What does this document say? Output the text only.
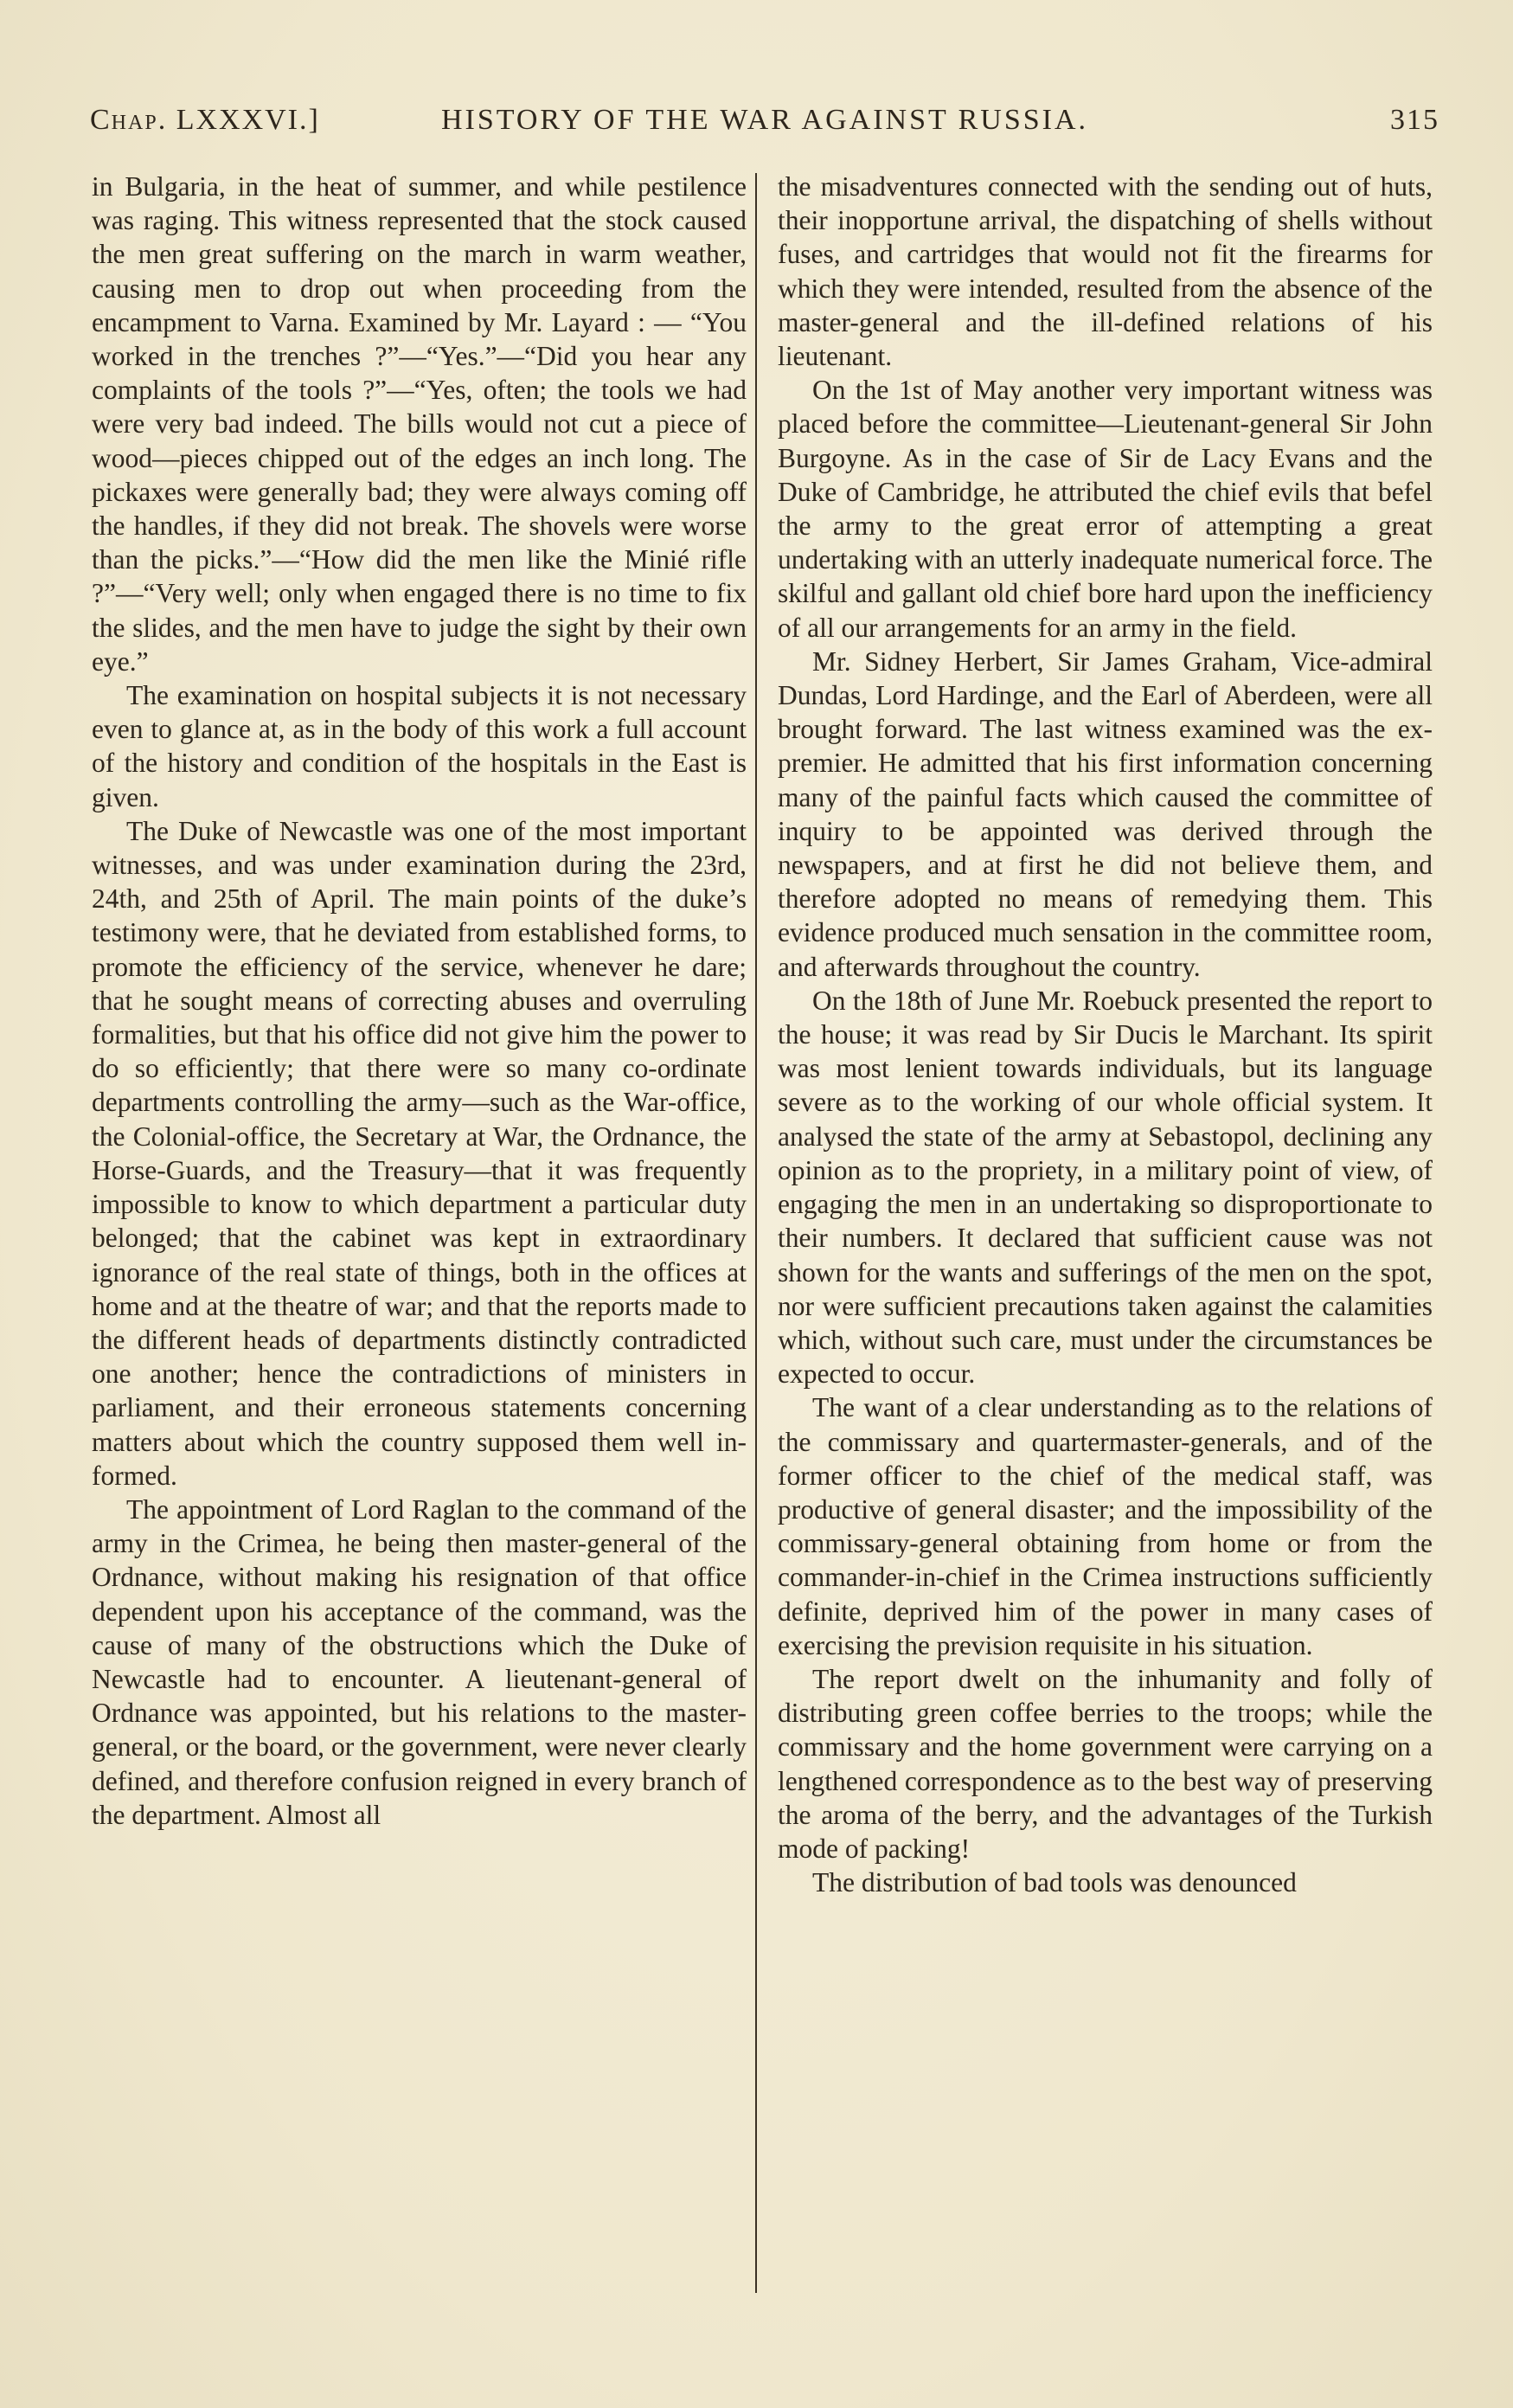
Chap. LXXXVI.]	HISTORY OF THE WAR AGAINST RUSSIA.	315

in Bulgaria, in the heat of summer, and while pestilence was raging. This witness represented that the stock caused the men great suffering on the march in warm weather, causing men to drop out when proceeding from the encampment to Varna. Examined by Mr. Layard : — “You worked in the trenches ?”—“Yes.”—“Did you hear any complaints of the tools ?”—“Yes, often; the tools we had were very bad indeed. The bills would not cut a piece of wood—pieces chipped out of the edges an inch long. The pickaxes were generally bad; they were always coming off the handles, if they did not break. The shovels were worse than the picks.”—“How did the men like the Minié rifle ?”—“Very well; only when engaged there is no time to fix the slides, and the men have to judge the sight by their own eye.”

The examination on hospital subjects it is not necessary even to glance at, as in the body of this work a full account of the history and condition of the hospitals in the East is given.

The Duke of Newcastle was one of the most important witnesses, and was under examination during the 23rd, 24th, and 25th of April. The main points of the duke’s testimony were, that he deviated from established forms, to promote the efficiency of the service, whenever he dare; that he sought means of correcting abuses and overruling formalities, but that his office did not give him the power to do so efficiently; that there were so many co-ordinate departments controlling the army—such as the War-office, the Colonial-office, the Secretary at War, the Ordnance, the Horse-Guards, and the Treasury—that it was frequently impossible to know to which department a particular duty belonged; that the cabinet was kept in extraordinary ignorance of the real state of things, both in the offices at home and at the theatre of war; and that the reports made to the different heads of departments distinctly contradicted one another; hence the contradictions of ministers in parliament, and their erroneous statements concerning matters about which the country supposed them well informed.

The appointment of Lord Raglan to the command of the army in the Crimea, he being then master-general of the Ordnance, without making his resignation of that office dependent upon his acceptance of the command, was the cause of many of the obstructions which the Duke of Newcastle had to encounter. A lieutenant-general of Ordnance was appointed, but his relations to the master-general, or the board, or the government, were never clearly defined, and therefore confusion reigned in every branch of the department. Almost all

the misadventures connected with the sending out of huts, their inopportune arrival, the dispatching of shells without fuses, and cartridges that would not fit the firearms for which they were intended, resulted from the absence of the master-general and the ill-defined relations of his lieutenant.

On the 1st of May another very important witness was placed before the committee—Lieutenant-general Sir John Burgoyne. As in the case of Sir de Lacy Evans and the Duke of Cambridge, he attributed the chief evils that befel the army to the great error of attempting a great undertaking with an utterly inadequate numerical force. The skilful and gallant old chief bore hard upon the inefficiency of all our arrangements for an army in the field.

Mr. Sidney Herbert, Sir James Graham, Vice-admiral Dundas, Lord Hardinge, and the Earl of Aberdeen, were all brought forward. The last witness examined was the ex-premier. He admitted that his first information concerning many of the painful facts which caused the committee of inquiry to be appointed was derived through the newspapers, and at first he did not believe them, and therefore adopted no means of remedying them. This evidence produced much sensation in the committee room, and afterwards throughout the country.

On the 18th of June Mr. Roebuck presented the report to the house; it was read by Sir Ducis le Marchant. Its spirit was most lenient towards individuals, but its language severe as to the working of our whole official system. It analysed the state of the army at Sebastopol, declining any opinion as to the propriety, in a military point of view, of engaging the men in an undertaking so disproportionate to their numbers. It declared that sufficient cause was not shown for the wants and sufferings of the men on the spot, nor were sufficient precautions taken against the calamities which, without such care, must under the circumstances be expected to occur.

The want of a clear understanding as to the relations of the commissary and quartermaster-generals, and of the former officer to the chief of the medical staff, was productive of general disaster; and the impossibility of the commissary-general obtaining from home or from the commander-in-chief in the Crimea instructions sufficiently definite, deprived him of the power in many cases of exercising the prevision requisite in his situation.

The report dwelt on the inhumanity and folly of distributing green coffee berries to the troops; while the commissary and the home government were carrying on a lengthened correspondence as to the best way of preserving the aroma of the berry, and the advantages of the Turkish mode of packing!

The distribution of bad tools was denounced
